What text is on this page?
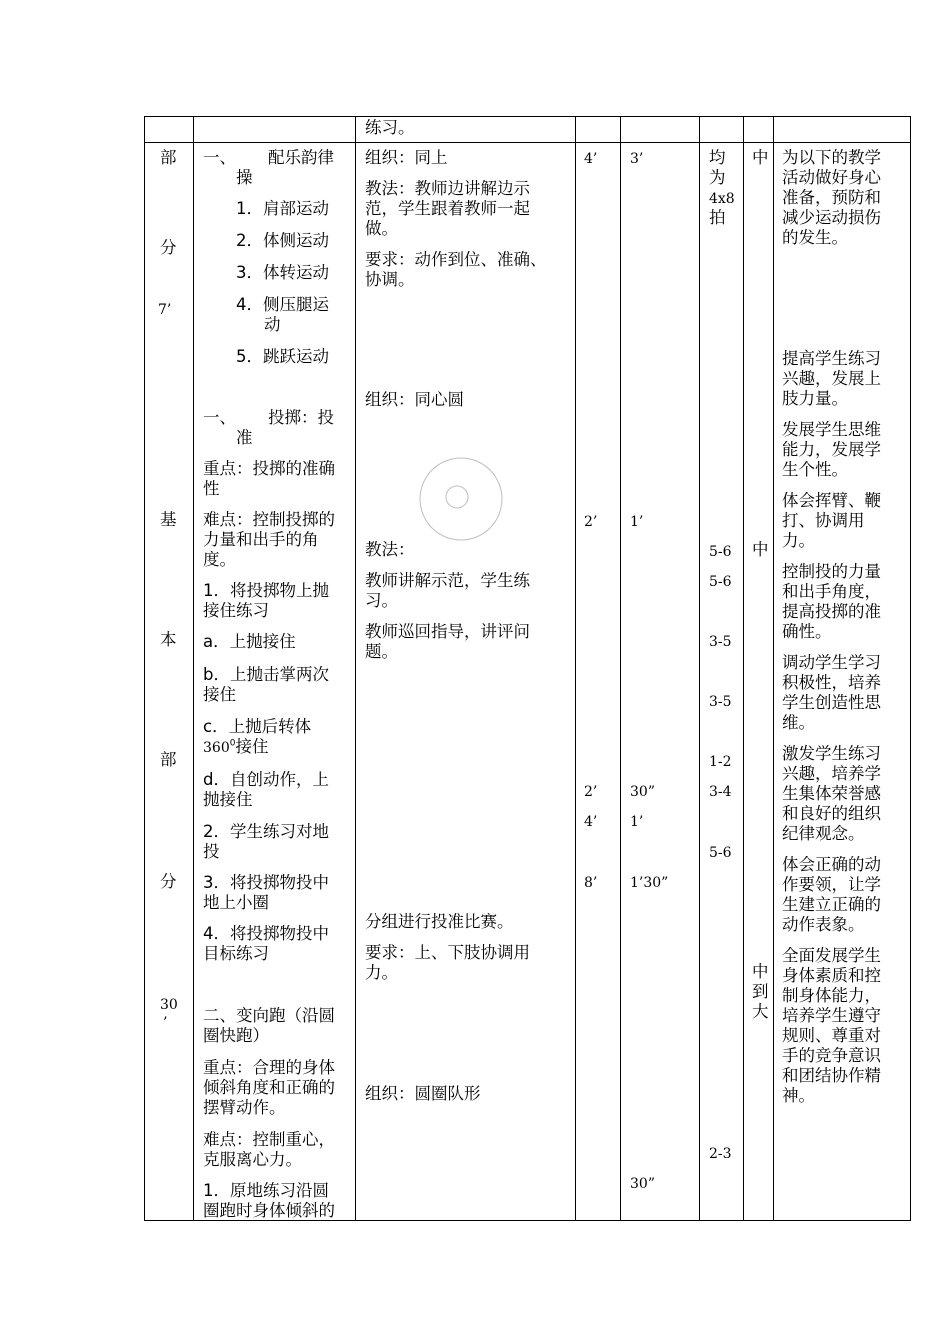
练习。
部
分
7’
基
本
部
分
30
’
一、 配乐韵律
操
1．肩部运动
2．体侧运动
3．体转运动
4．侧压腿运
动
5．跳跃运动
一、 投掷：投
准
重点：投掷的准确
性
难点：控制投掷的
力量和出手的角
度。
1．将投掷物上抛
接住练习
a．上抛接住
b．上抛击掌两次
接住
c．上抛后转体
$360^0$接住
d．自创动作，上
抛接住
2．学生练习对地
投
3．将投掷物投中
地上小圈
4．将投掷物投中
目标练习
二、变向跑（沿圆
圈快跑）
重点：合理的身体
倾斜角度和正确的
摆臂动作。
难点：控制重心，
克服离心力。
1．原地练习沿圆
圈跑时身体倾斜的
组织：同上
教法：教师边讲解边示
范，学生跟着教师一起
做。
要求：动作到位、准确、
协调。
组织：同心圆
教法：
教师讲解示范，学生练
习。
教师巡回指导，讲评问
题。
分组进行投准比赛。
要求：上、下肢协调用
力。
组织：圆圈队形
4’
2’
2’
4’
8’
3’
1’
30”
1’
1’30”
30”
均
为
4x8
拍
5-6
5-6
3-5
3-5
1-2
3-4
5-6
2-3
中
中
中
到
大
为以下的教学
活动做好身心
准备，预防和
减少运动损伤
的发生。
提高学生练习
兴趣，发展上
肢力量。
发展学生思维
能力，发展学
生个性。
体会挥臂、鞭
打、协调用
力。
控制投的力量
和出手角度，
提高投掷的准
确性。
调动学生学习
积极性，培养
学生创造性思
维。
激发学生练习
兴趣，培养学
生集体荣誉感
和良好的组织
纪律观念。
体会正确的动
作要领，让学
生建立正确的
动作表象。
全面发展学生
身体素质和控
制身体能力，
培养学生遵守
规则、尊重对
手的竞争意识
和团结协作精
神。
